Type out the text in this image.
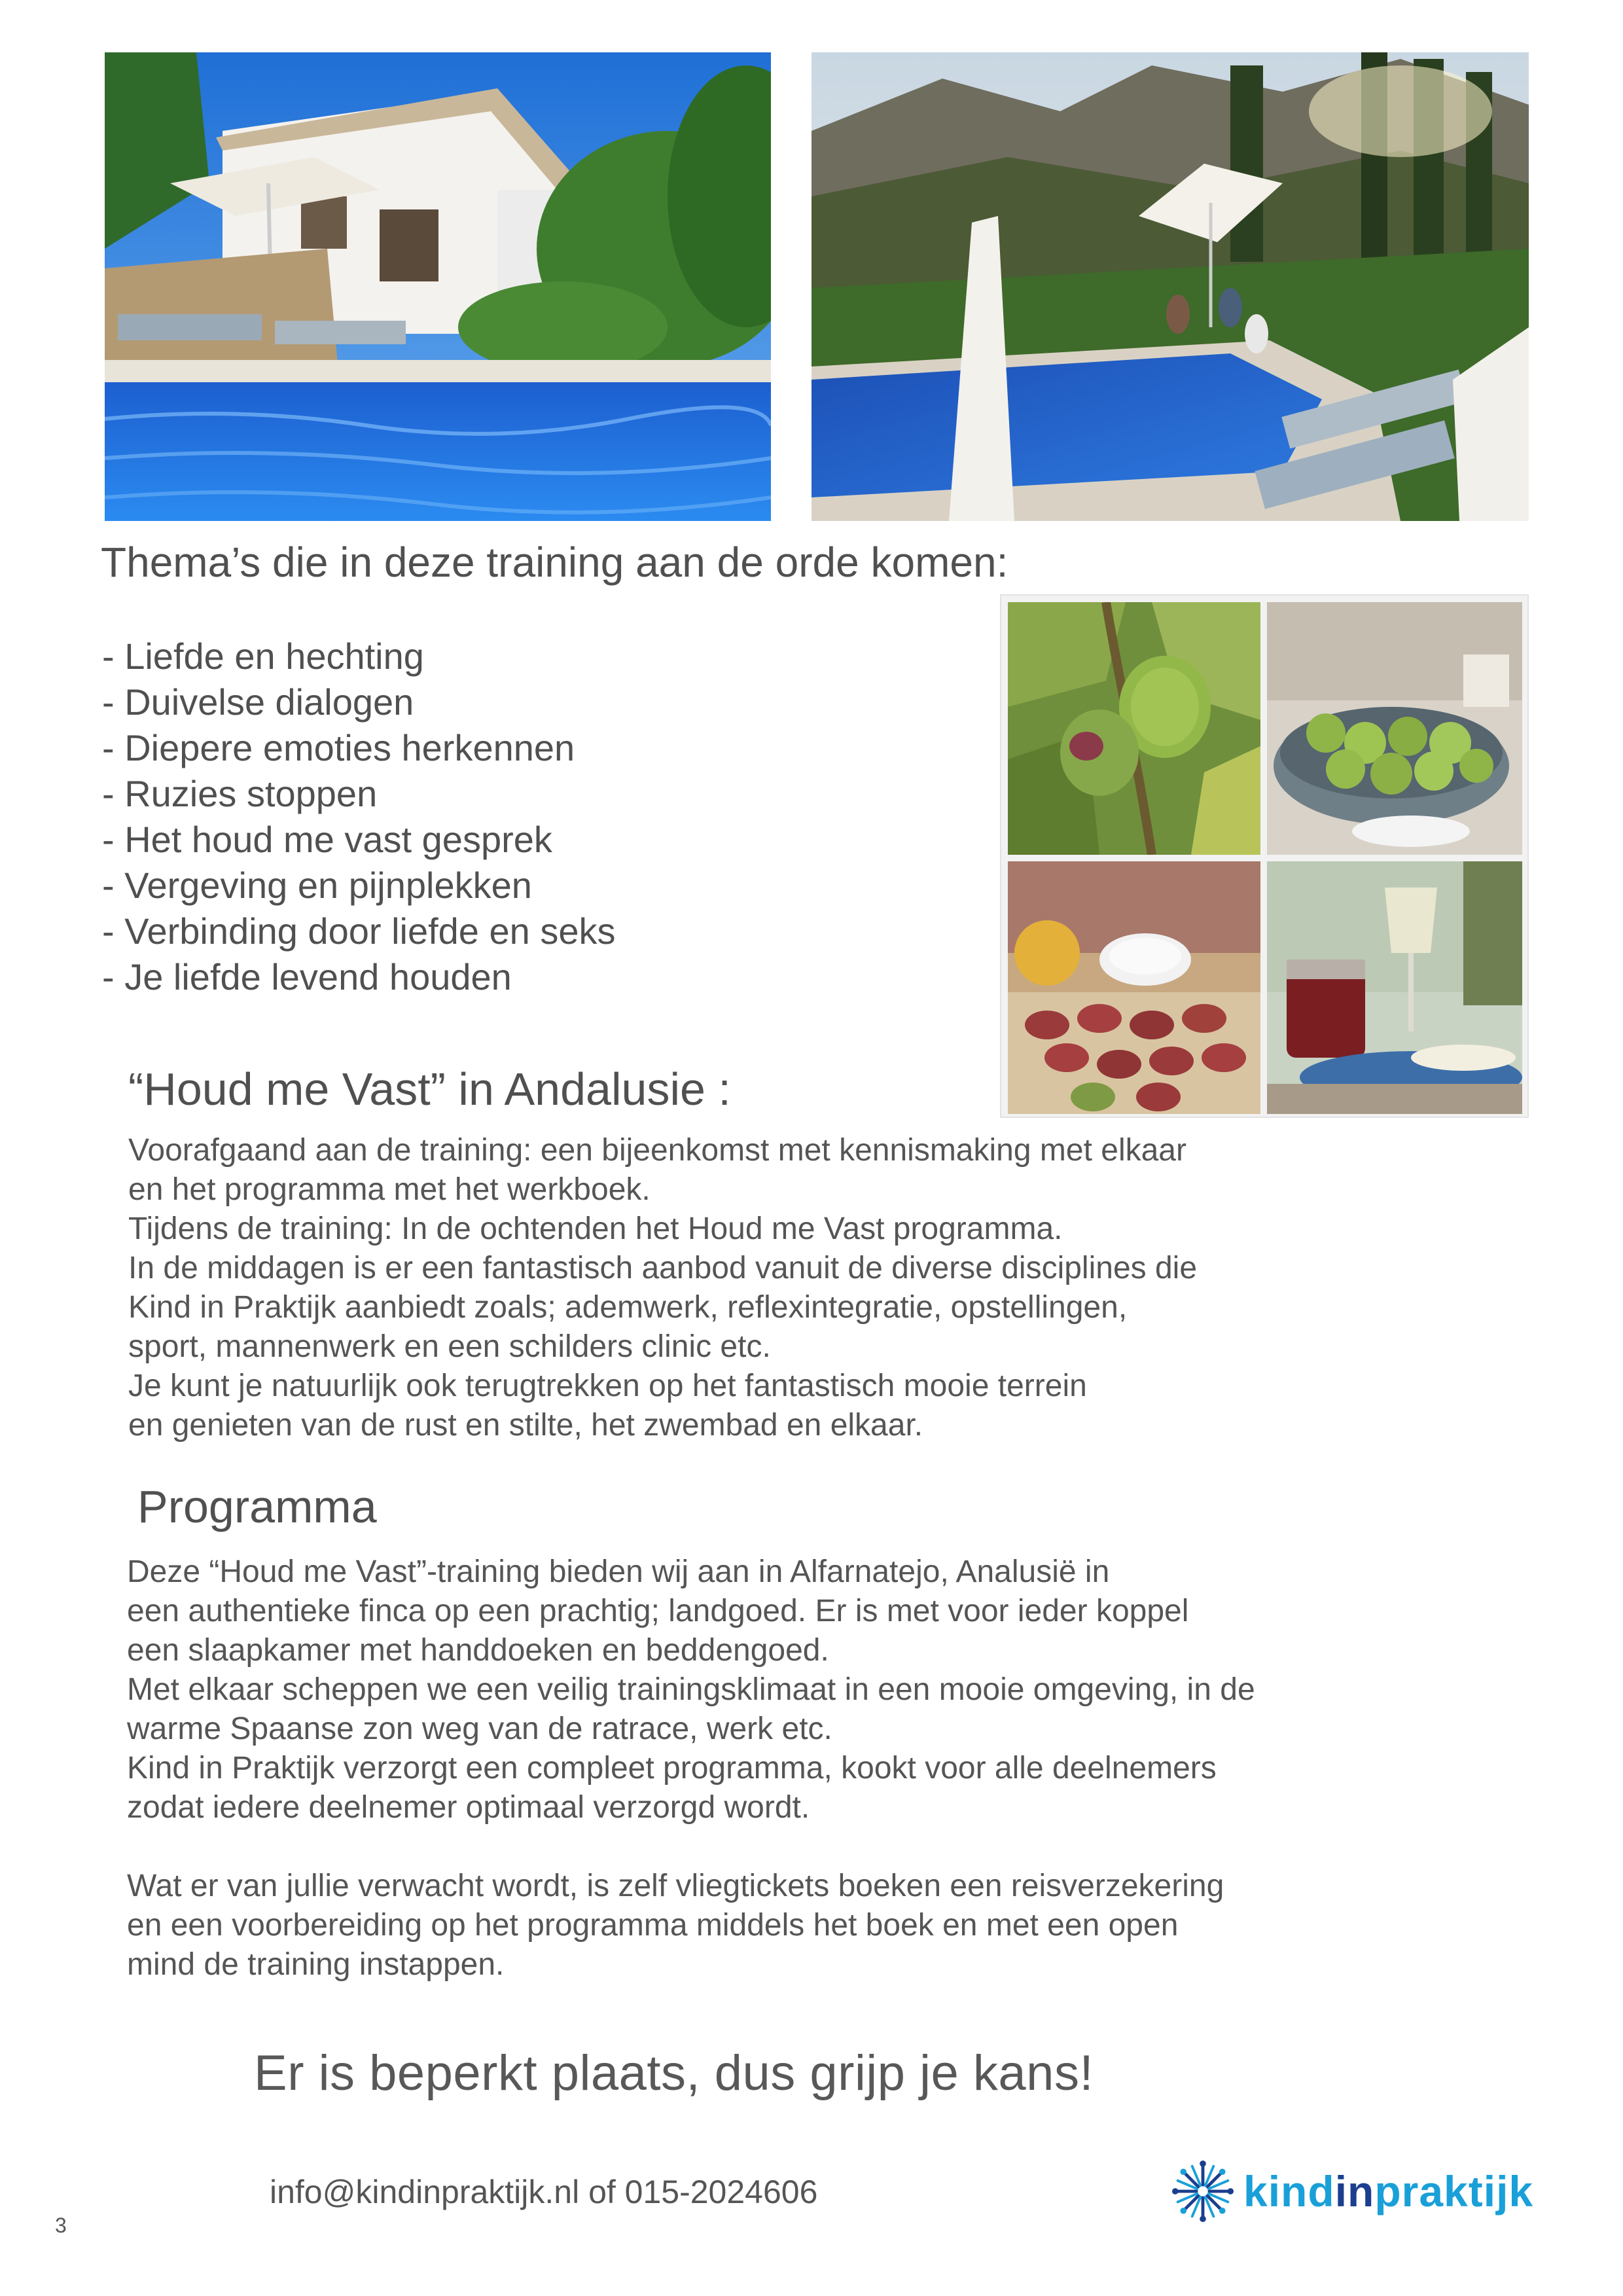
Thema’s die in deze training aan de orde komen:
- Liefde en hechting
- Duivelse dialogen
- Diepere emoties herkennen
- Ruzies stoppen
- Het houd me vast gesprek
- Vergeving en pijnplekken
- Verbinding door liefde en seks
- Je liefde levend houden
“Houd me Vast” in Andalusie :
Voorafgaand aan de training: een bijeenkomst met kennismaking met elkaar
en het programma met het werkboek.
Tijdens de training: In de ochtenden het Houd me Vast programma.
In de middagen is er een fantastisch aanbod vanuit de diverse disciplines die
Kind in Praktijk aanbiedt zoals; ademwerk, reflexintegratie, opstellingen,
sport, mannenwerk en een schilders clinic etc.
Je kunt je natuurlijk ook terugtrekken op het fantastisch mooie terrein
en genieten van de rust en stilte, het zwembad en elkaar.
Programma
Deze “Houd me Vast”-training bieden wij aan in Alfarnatejo, Analusië in
een authentieke finca op een prachtig; landgoed. Er is met voor ieder koppel
een slaapkamer met handdoeken en beddengoed.
Met elkaar scheppen we een veilig trainingsklimaat in een mooie omgeving, in de
warme Spaanse zon weg van de ratrace, werk etc.
Kind in Praktijk verzorgt een compleet programma, kookt voor alle deelnemers
zodat iedere deelnemer optimaal verzorgd wordt.
Wat er van jullie verwacht wordt, is zelf vliegtickets boeken een reisverzekering
en een voorbereiding op het programma middels het boek en met een open
mind de training instappen.
Er is beperkt plaats, dus grijp je kans!
info@kindinpraktijk.nl of 015-2024606
3
kindinpraktijk
